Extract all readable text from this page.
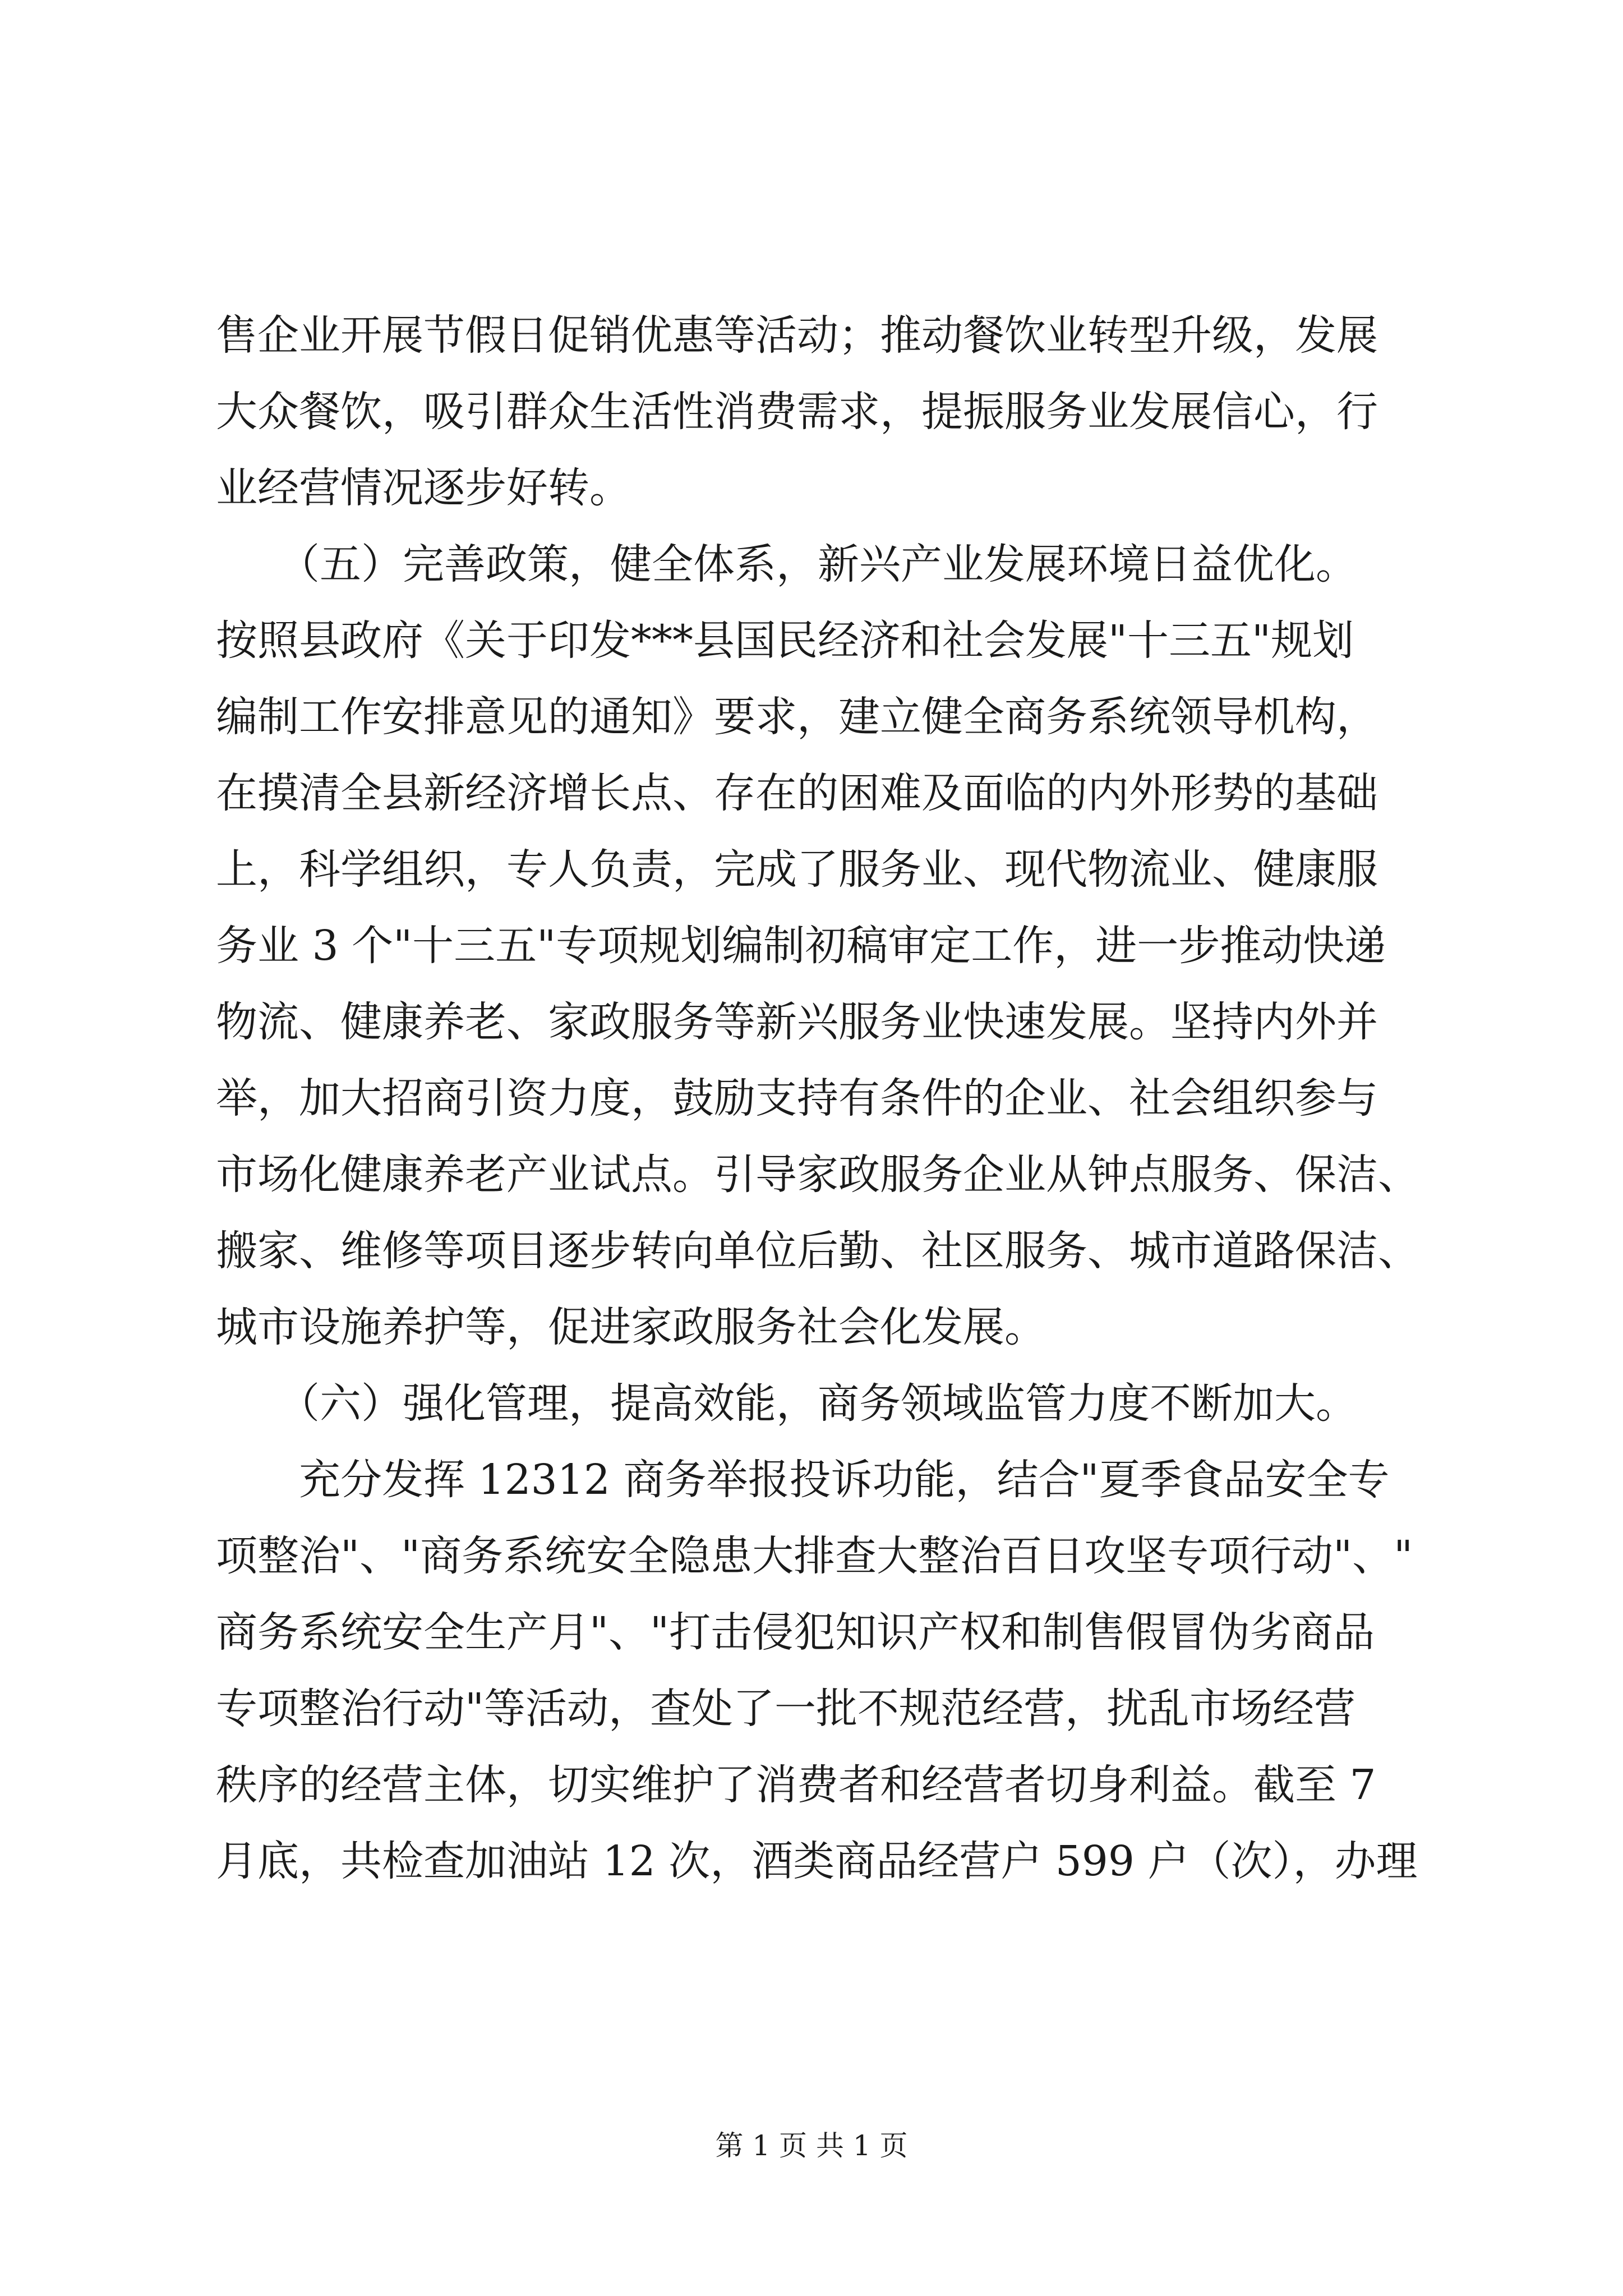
售企业开展节假日促销优惠等活动；推动餐饮业转型升级，发展
大众餐饮，吸引群众生活性消费需求，提振服务业发展信心，行
业经营情况逐步好转。
　　（五）完善政策，健全体系，新兴产业发展环境日益优化。
按照县政府《关于印发***县国民经济和社会发展"十三五"规划
编制工作安排意见的通知》要求，建立健全商务系统领导机构，
在摸清全县新经济增长点、存在的困难及面临的内外形势的基础
上，科学组织，专人负责，完成了服务业、现代物流业、健康服
务业 3 个"十三五"专项规划编制初稿审定工作，进一步推动快递
物流、健康养老、家政服务等新兴服务业快速发展。坚持内外并
举，加大招商引资力度，鼓励支持有条件的企业、社会组织参与
市场化健康养老产业试点。引导家政服务企业从钟点服务、保洁、
搬家、维修等项目逐步转向单位后勤、社区服务、城市道路保洁、
城市设施养护等，促进家政服务社会化发展。
　　（六）强化管理，提高效能，商务领域监管力度不断加大。
　　充分发挥 12312 商务举报投诉功能，结合"夏季食品安全专
项整治"、"商务系统安全隐患大排查大整治百日攻坚专项行动"、"
商务系统安全生产月"、"打击侵犯知识产权和制售假冒伪劣商品
专项整治行动"等活动，查处了一批不规范经营，扰乱市场经营
秩序的经营主体，切实维护了消费者和经营者切身利益。截至 7
月底，共检查加油站 12 次，酒类商品经营户 599 户（次），办理
第 1 页 共 1 页
